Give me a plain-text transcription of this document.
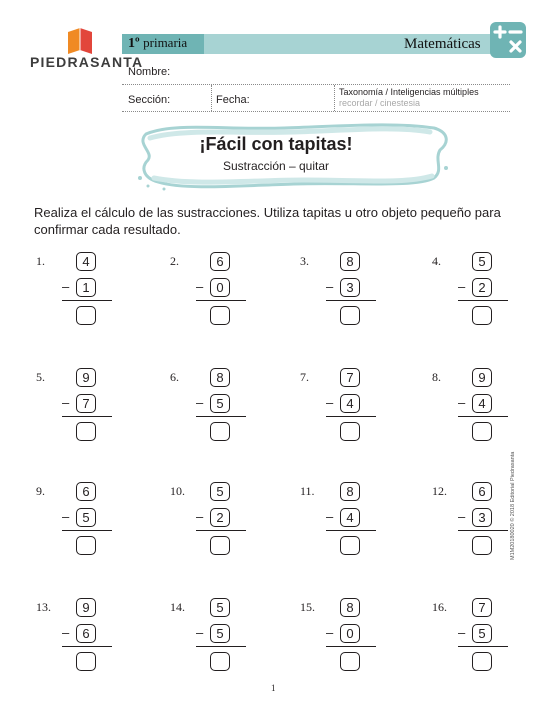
PIEDRASANTA
1º primaria	Matemáticas
Nombre:
Sección:	Fecha:
Taxonomía / Inteligencias múltiples
recordar / cinestesia
¡Fácil con tapitas!
Sustracción – quitar
Realiza el cálculo de las sustracciones. Utiliza tapitas u otro objeto pequeño para confirmar cada resultado.
1.	4
–	1
2.	6
–	0
3.	8
–	3
4.	5
–	2
5.	9
–	7
6.	8
–	5
7.	7
–	4
8.	9
–	4
9.	6
–	5
10.	5
–	2
11.	8
–	4
12.	6
–	3
13.	9
–	6
14.	5
–	5
15.	8
–	0
16.	7
–	5
M1M20180020 © 2018 Editorial Piedrasanta
1
